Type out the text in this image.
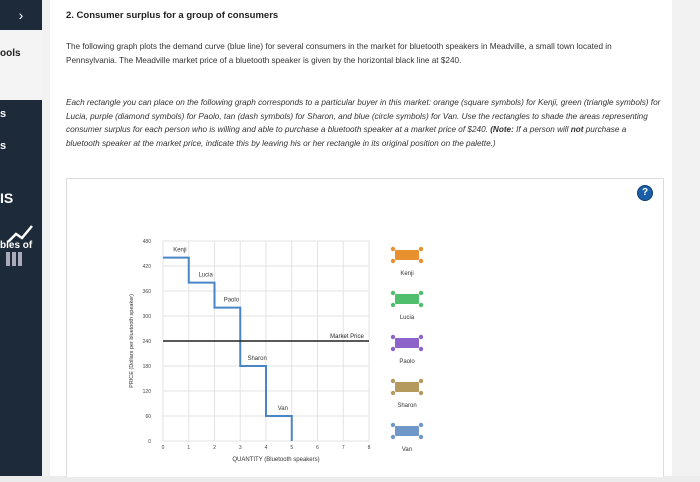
›
ools
s
s
IS
bles of
2. Consumer surplus for a group of consumers
The following graph plots the demand curve (blue line) for several consumers in the market for bluetooth speakers in Meadville, a small town located in Pennsylvania. The Meadville market price of a bluetooth speaker is given by the horizontal black line at $240.
Each rectangle you can place on the following graph corresponds to a particular buyer in this market: orange (square symbols) for Kenji, green (triangle symbols) for Lucia, purple (diamond symbols) for Paolo, tan (dash symbols) for Sharon, and blue (circle symbols) for Van. Use the rectangles to shade the areas representing consumer surplus for each person who is willing and able to purchase a bluetooth speaker at a market price of $240. (Note: If a person will not purchase a bluetooth speaker at the market price, indicate this by leaving his or her rectangle in its original position on the palette.)
?
0
60
120
180
240
300
360
420
480
0	1	2	3	4	5	6	7	8
QUANTITY (Bluetooth speakers)
PRICE (Dollars per bluetooth speaker)
Kenji
Lucia
Paolo
Sharon
Van
Market Price
Kenji
Lucia
Paolo
Sharon
Van
